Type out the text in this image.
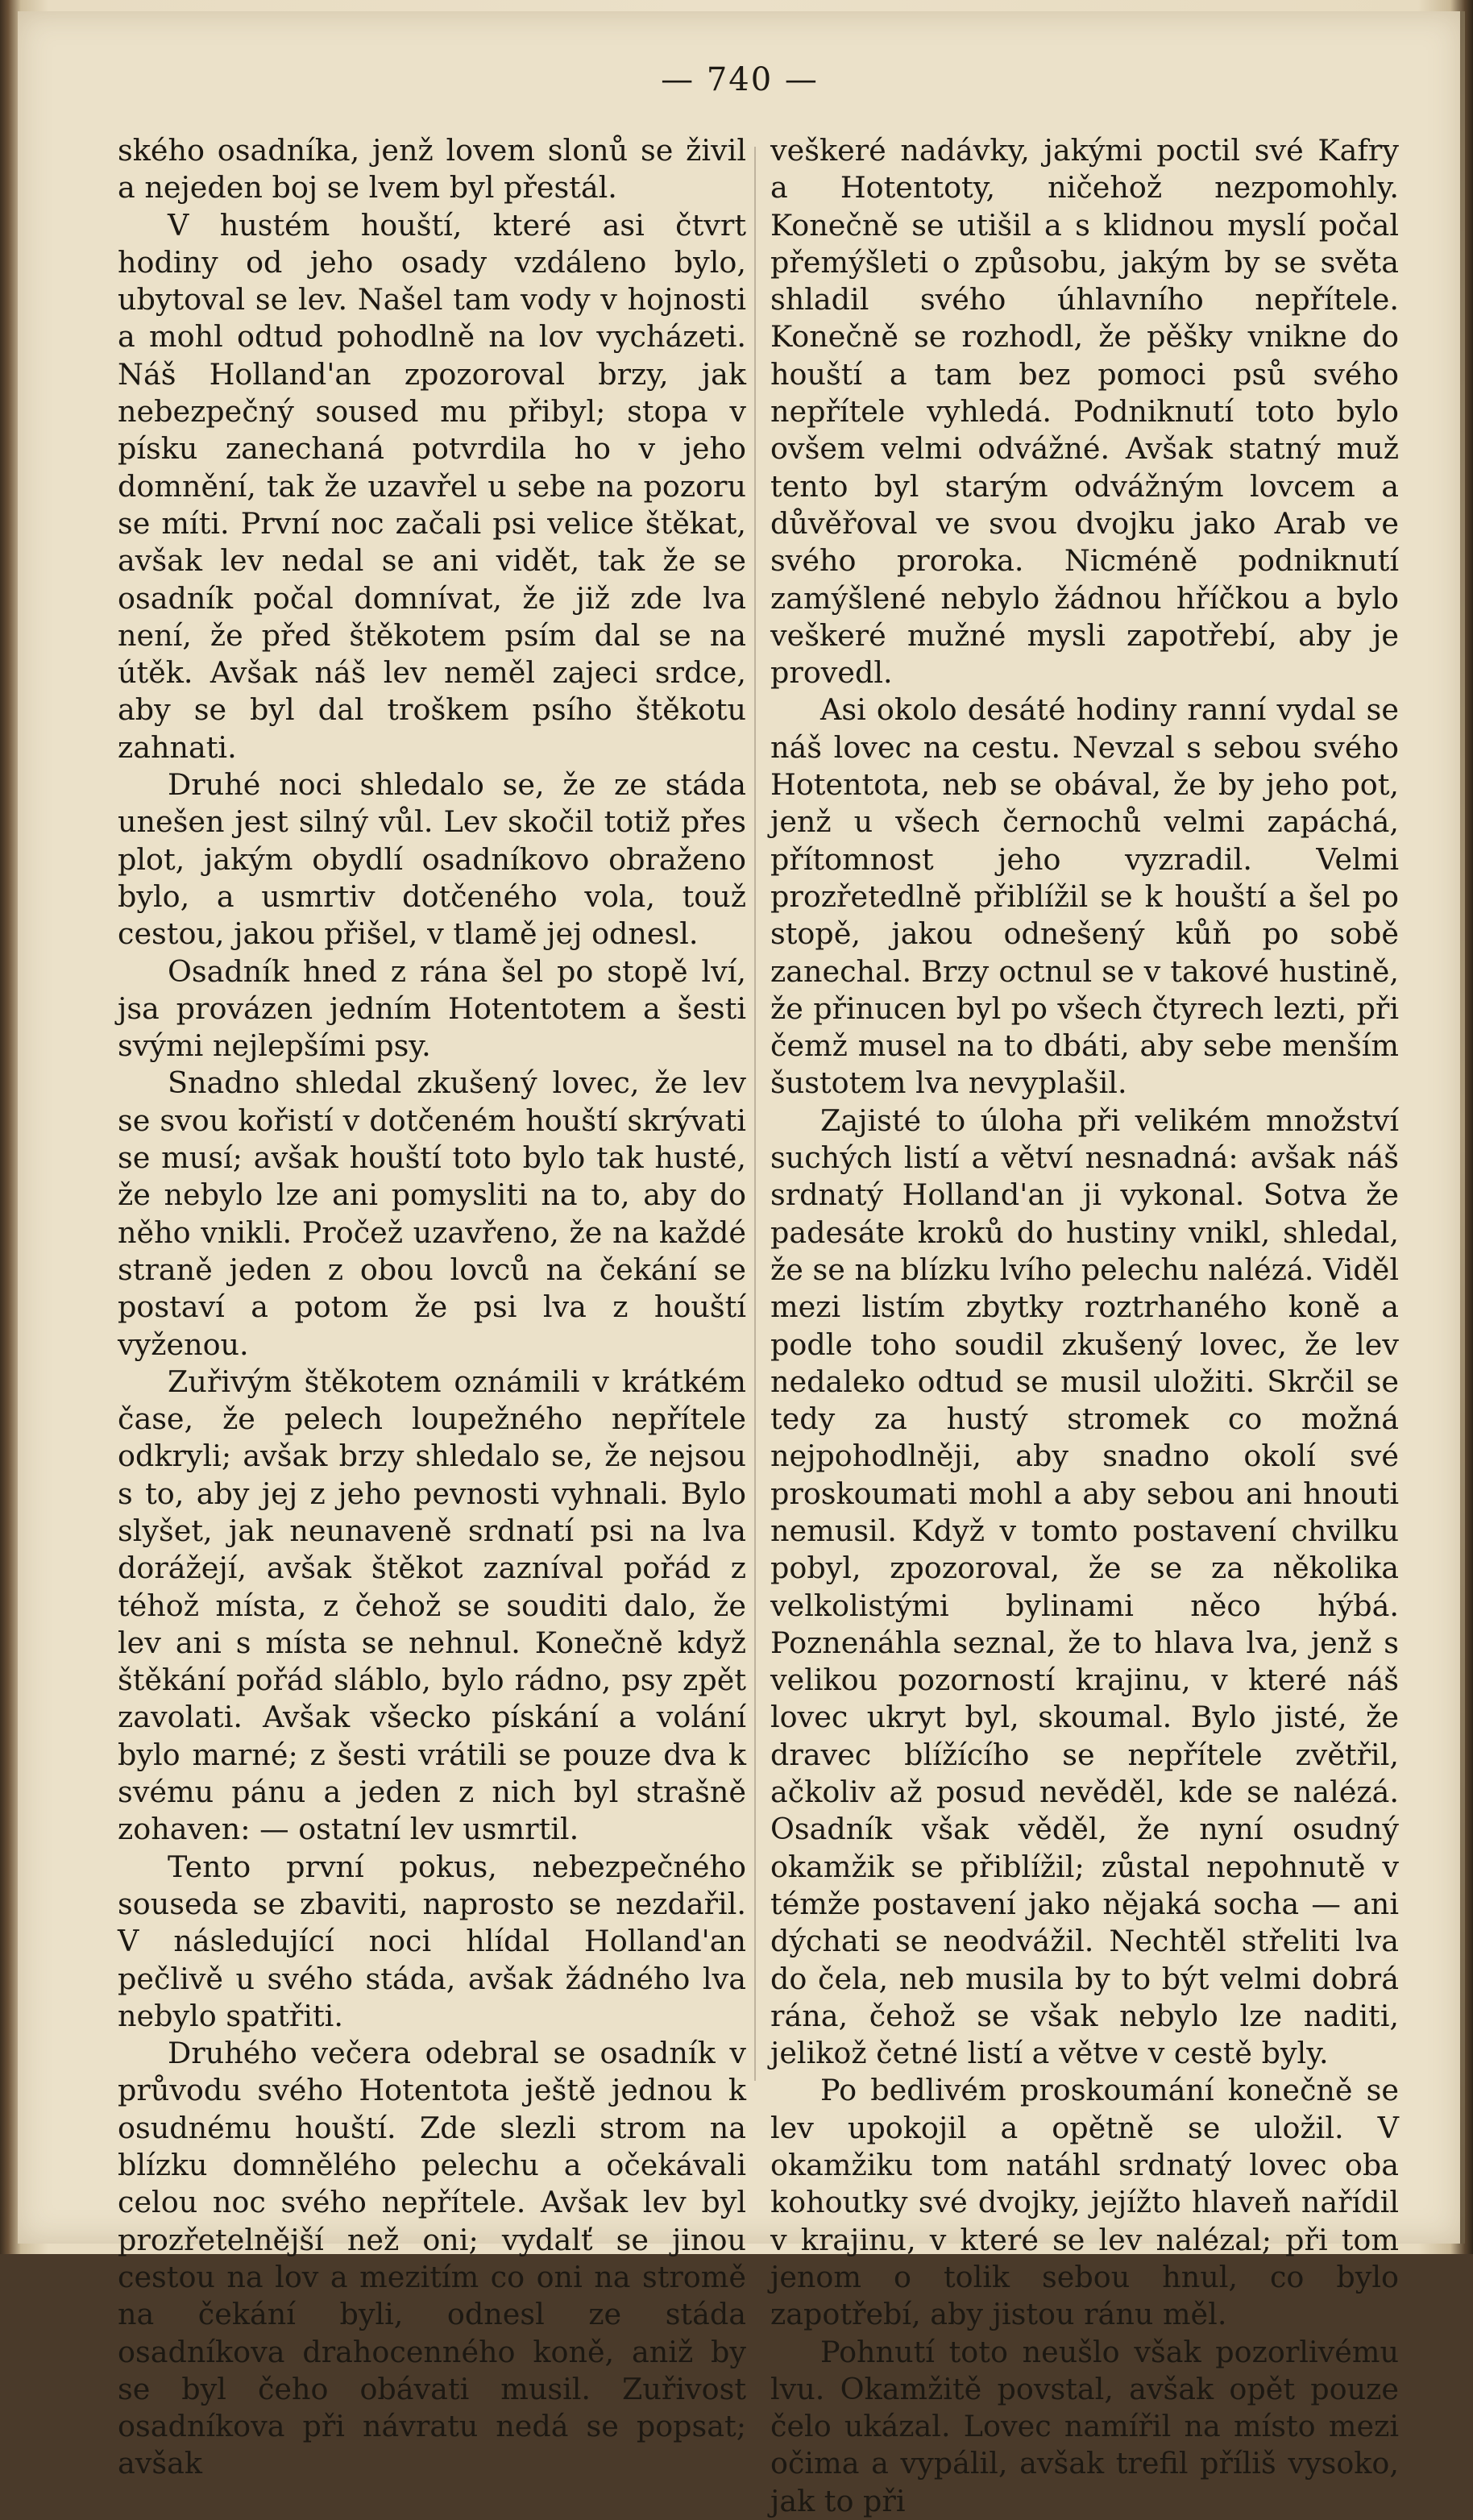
— 740 —

ského osadníka, jenž lovem slonů se živil a nejeden boj se lvem byl přestál.

V hustém houští, které asi čtvrt hodiny od jeho osady vzdáleno bylo, ubytoval se lev. Našel tam vody v hojnosti a mohl odtud pohodlně na lov vycházeti. Náš Holland'an zpozoroval brzy, jak nebezpečný soused mu přibyl; stopa v písku zanechaná potvrdila ho v jeho domnění, tak že uzavřel u sebe na pozoru se míti. První noc začali psi velice štěkat, avšak lev nedal se ani vidět, tak že se osadník počal domnívat, že již zde lva není, že před štěkotem psím dal se na útěk. Avšak náš lev neměl zajeci srdce, aby se byl dal troškem psího štěkotu zahnati.

Druhé noci shledalo se, že ze stáda unešen jest silný vůl. Lev skočil totiž přes plot, jakým obydlí osadníkovo obraženo bylo, a usmrtiv dotčeného vola, touž cestou, jakou přišel, v tlamě jej odnesl.

Osadník hned z rána šel po stopě lví, jsa provázen jedním Hotentotem a šesti svými nejlepšími psy.

Snadno shledal zkušený lovec, že lev se svou kořistí v dotčeném houští skrývati se musí; avšak houští toto bylo tak husté, že nebylo lze ani pomysliti na to, aby do něho vnikli. Pročež uzavřeno, že na každé straně jeden z obou lovců na čekání se postaví a potom že psi lva z houští vyženou.

Zuřivým štěkotem oznámili v krátkém čase, že pelech loupežného nepřítele odkryli; avšak brzy shledalo se, že nejsou s to, aby jej z jeho pevnosti vyhnali. Bylo slyšet, jak neunaveně srdnatí psi na lva dorážejí, avšak štěkot zazníval pořád z téhož místa, z čehož se souditi dalo, že lev ani s místa se nehnul. Konečně když štěkání pořád sláblo, bylo rádno, psy zpět zavolati. Avšak všecko pískání a volání bylo marné; z šesti vrátili se pouze dva k svému pánu a jeden z nich byl strašně zohaven: — ostatní lev usmrtil.

Tento první pokus, nebezpečného souseda se zbaviti, naprosto se nezdařil. V následující noci hlídal Holland'an pečlivě u svého stáda, avšak žádného lva nebylo spatřiti.

Druhého večera odebral se osadník v průvodu svého Hotentota ještě jednou k osudnému houští. Zde slezli strom na blízku domnělého pelechu a očekávali celou noc svého nepřítele. Avšak lev byl prozřetelnější než oni; vydalť se jinou cestou na lov a mezitím co oni na stromě na čekání byli, odnesl ze stáda osadníkova drahocenného koně, aniž by se byl čeho obávati musil. Zuřivost osadníkova při návratu nedá se popsat; avšak

veškeré nadávky, jakými poctil své Kafry a Hotentoty, ničehož nezpomohly. Konečně se utišil a s klidnou myslí počal přemýšleti o způsobu, jakým by se světa shladil svého úhlavního nepřítele. Konečně se rozhodl, že pěšky vnikne do houští a tam bez pomoci psů svého nepřítele vyhledá. Podniknutí toto bylo ovšem velmi odvážné. Avšak statný muž tento byl starým odvážným lovcem a důvěřoval ve svou dvojku jako Arab ve svého proroka. Nicméně podniknutí zamýšlené nebylo žádnou hříčkou a bylo veškeré mužné mysli zapotřebí, aby je provedl.

Asi okolo desáté hodiny ranní vydal se náš lovec na cestu. Nevzal s sebou svého Hotentota, neb se obával, že by jeho pot, jenž u všech černochů velmi zapáchá, přítomnost jeho vyzradil. Velmi prozřetedlně přiblížil se k houští a šel po stopě, jakou odnešený kůň po sobě zanechal. Brzy octnul se v takové hustině, že přinucen byl po všech čtyrech lezti, při čemž musel na to dbáti, aby sebe menším šustotem lva nevyplašil.

Zajisté to úloha při velikém množství suchých listí a větví nesnadná: avšak náš srdnatý Holland'an ji vykonal. Sotva že padesáte kroků do hustiny vnikl, shledal, že se na blízku lvího pelechu nalézá. Viděl mezi listím zbytky roztrhaného koně a podle toho soudil zkušený lovec, že lev nedaleko odtud se musil uložiti. Skrčil se tedy za hustý stromek co možná nejpohodlněji, aby snadno okolí své proskoumati mohl a aby sebou ani hnouti nemusil. Když v tomto postavení chvilku pobyl, zpozoroval, že se za několika velkolistými bylinami něco hýbá. Poznenáhla seznal, že to hlava lva, jenž s velikou pozorností krajinu, v které náš lovec ukryt byl, skoumal. Bylo jisté, že dravec blížícího se nepřítele zvětřil, ačkoliv až posud nevěděl, kde se nalézá. Osadník však věděl, že nyní osudný okamžik se přiblížil; zůstal nepohnutě v témže postavení jako nějaká socha — ani dýchati se neodvážil. Nechtěl střeliti lva do čela, neb musila by to být velmi dobrá rána, čehož se však nebylo lze naditi, jelikož četné listí a větve v cestě byly.

Po bedlivém proskoumání konečně se lev upokojil a opětně se uložil. V okamžiku tom natáhl srdnatý lovec oba kohoutky své dvojky, jejížto hlaveň nařídil v krajinu, v které se lev nalézal; při tom jenom o tolik sebou hnul, co bylo zapotřebí, aby jistou ránu měl.

Pohnutí toto neušlo však pozorlivému lvu. Okamžitě povstal, avšak opět pouze čelo ukázal. Lovec namířil na místo mezi očima a vypálil, avšak trefil příliš vysoko, jak to při
